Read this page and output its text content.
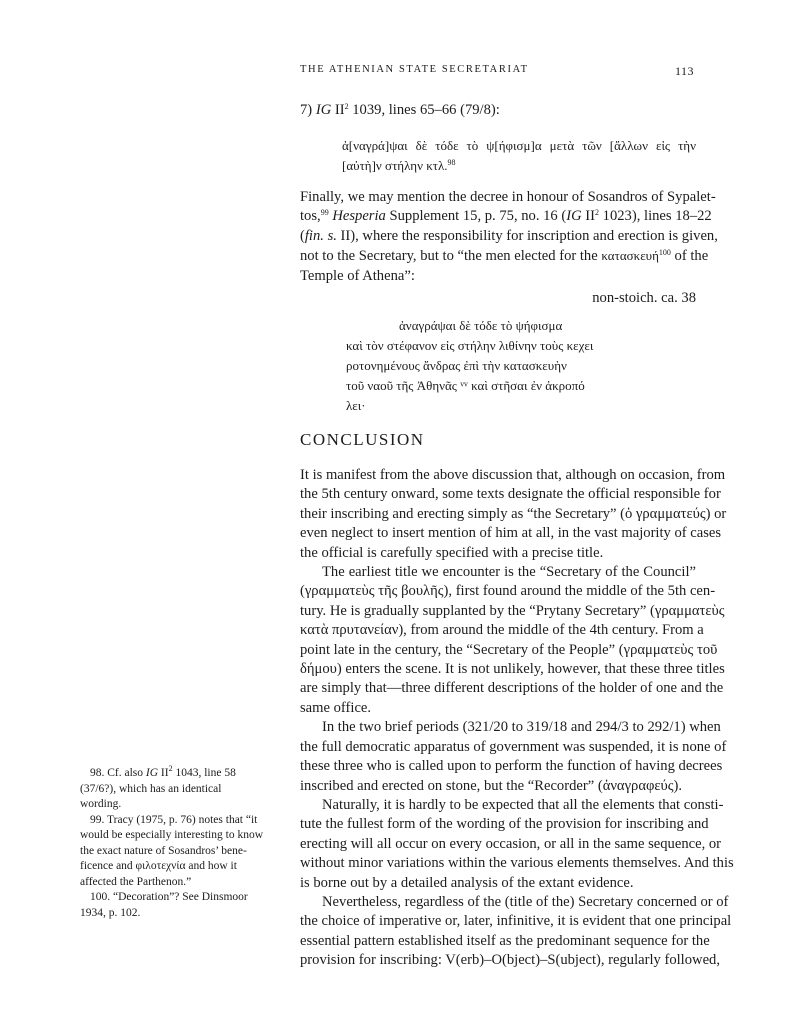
THE ATHENIAN STATE SECRETARIAT	113
7) IG $II^2$ 1039, lines 65–66 (79/8):
ἀ[ναγρά]ψαι δὲ τόδε τὸ ψ[ήφισμ]α μετὰ τῶν [ἄλλων εἰς τὴν
[αὐτὴ]ν στήλην κτλ.$^{98}$
Finally, we may mention the decree in honour of Sosandros of Sypalet-
tos,$^{99}$ Hesperia Supplement 15, p. 75, no. 16 (IG $II^2$ 1023), lines 18–22
(fin. s. II), where the responsibility for inscription and erection is given,
not to the Secretary, but to “the men elected for the κατασκευή$^{100}$ of the
Temple of Athena”:
non-stoich. ca. 38
ἀναγράψαι δὲ τόδε τὸ ψήφισμα
καὶ τὸν στέφανον εἰς στήλην λιθίνην τοὺς κεχει
ροτονημένους ἄνδρας ἐπὶ τὴν κατασκευὴν
τοῦ ναοῦ τῆς Ἀθηνᾶς ᵛᵛ καὶ στῆσαι ἐν ἀκροπό
λει·
CONCLUSION
It is manifest from the above discussion that, although on occasion, from
the 5th century onward, some texts designate the official responsible for
their inscribing and erecting simply as “the Secretary” (ὁ γραμματεύς) or
even neglect to insert mention of him at all, in the vast majority of cases
the official is carefully specified with a precise title.
The earliest title we encounter is the “Secretary of the Council”
(γραμματεὺς τῆς βουλῆς), first found around the middle of the 5th cen-
tury. He is gradually supplanted by the “Prytany Secretary” (γραμματεὺς
κατὰ πρυτανείαν), from around the middle of the 4th century. From a
point late in the century, the “Secretary of the People” (γραμματεὺς τοῦ
δήμου) enters the scene. It is not unlikely, however, that these three titles
are simply that—three different descriptions of the holder of one and the
same office.
In the two brief periods (321/20 to 319/18 and 294/3 to 292/1) when
the full democratic apparatus of government was suspended, it is none of
these three who is called upon to perform the function of having decrees
inscribed and erected on stone, but the “Recorder” (ἀναγραφεύς).
Naturally, it is hardly to be expected that all the elements that consti-
tute the fullest form of the wording of the provision for inscribing and
erecting will all occur on every occasion, or all in the same sequence, or
without minor variations within the various elements themselves. And this
is borne out by a detailed analysis of the extant evidence.
Nevertheless, regardless of the (title of the) Secretary concerned or of
the choice of imperative or, later, infinitive, it is evident that one principal
essential pattern established itself as the predominant sequence for the
provision for inscribing: V(erb)–O(bject)–S(ubject), regularly followed,
98. Cf. also IG $II^2$ 1043, line 58
(37/6?), which has an identical
wording.
99. Tracy (1975, p. 76) notes that “it
would be especially interesting to know
the exact nature of Sosandros’ bene-
ficence and φιλοτεχνία and how it
affected the Parthenon.”
100. “Decoration”? See Dinsmoor
1934, p. 102.
